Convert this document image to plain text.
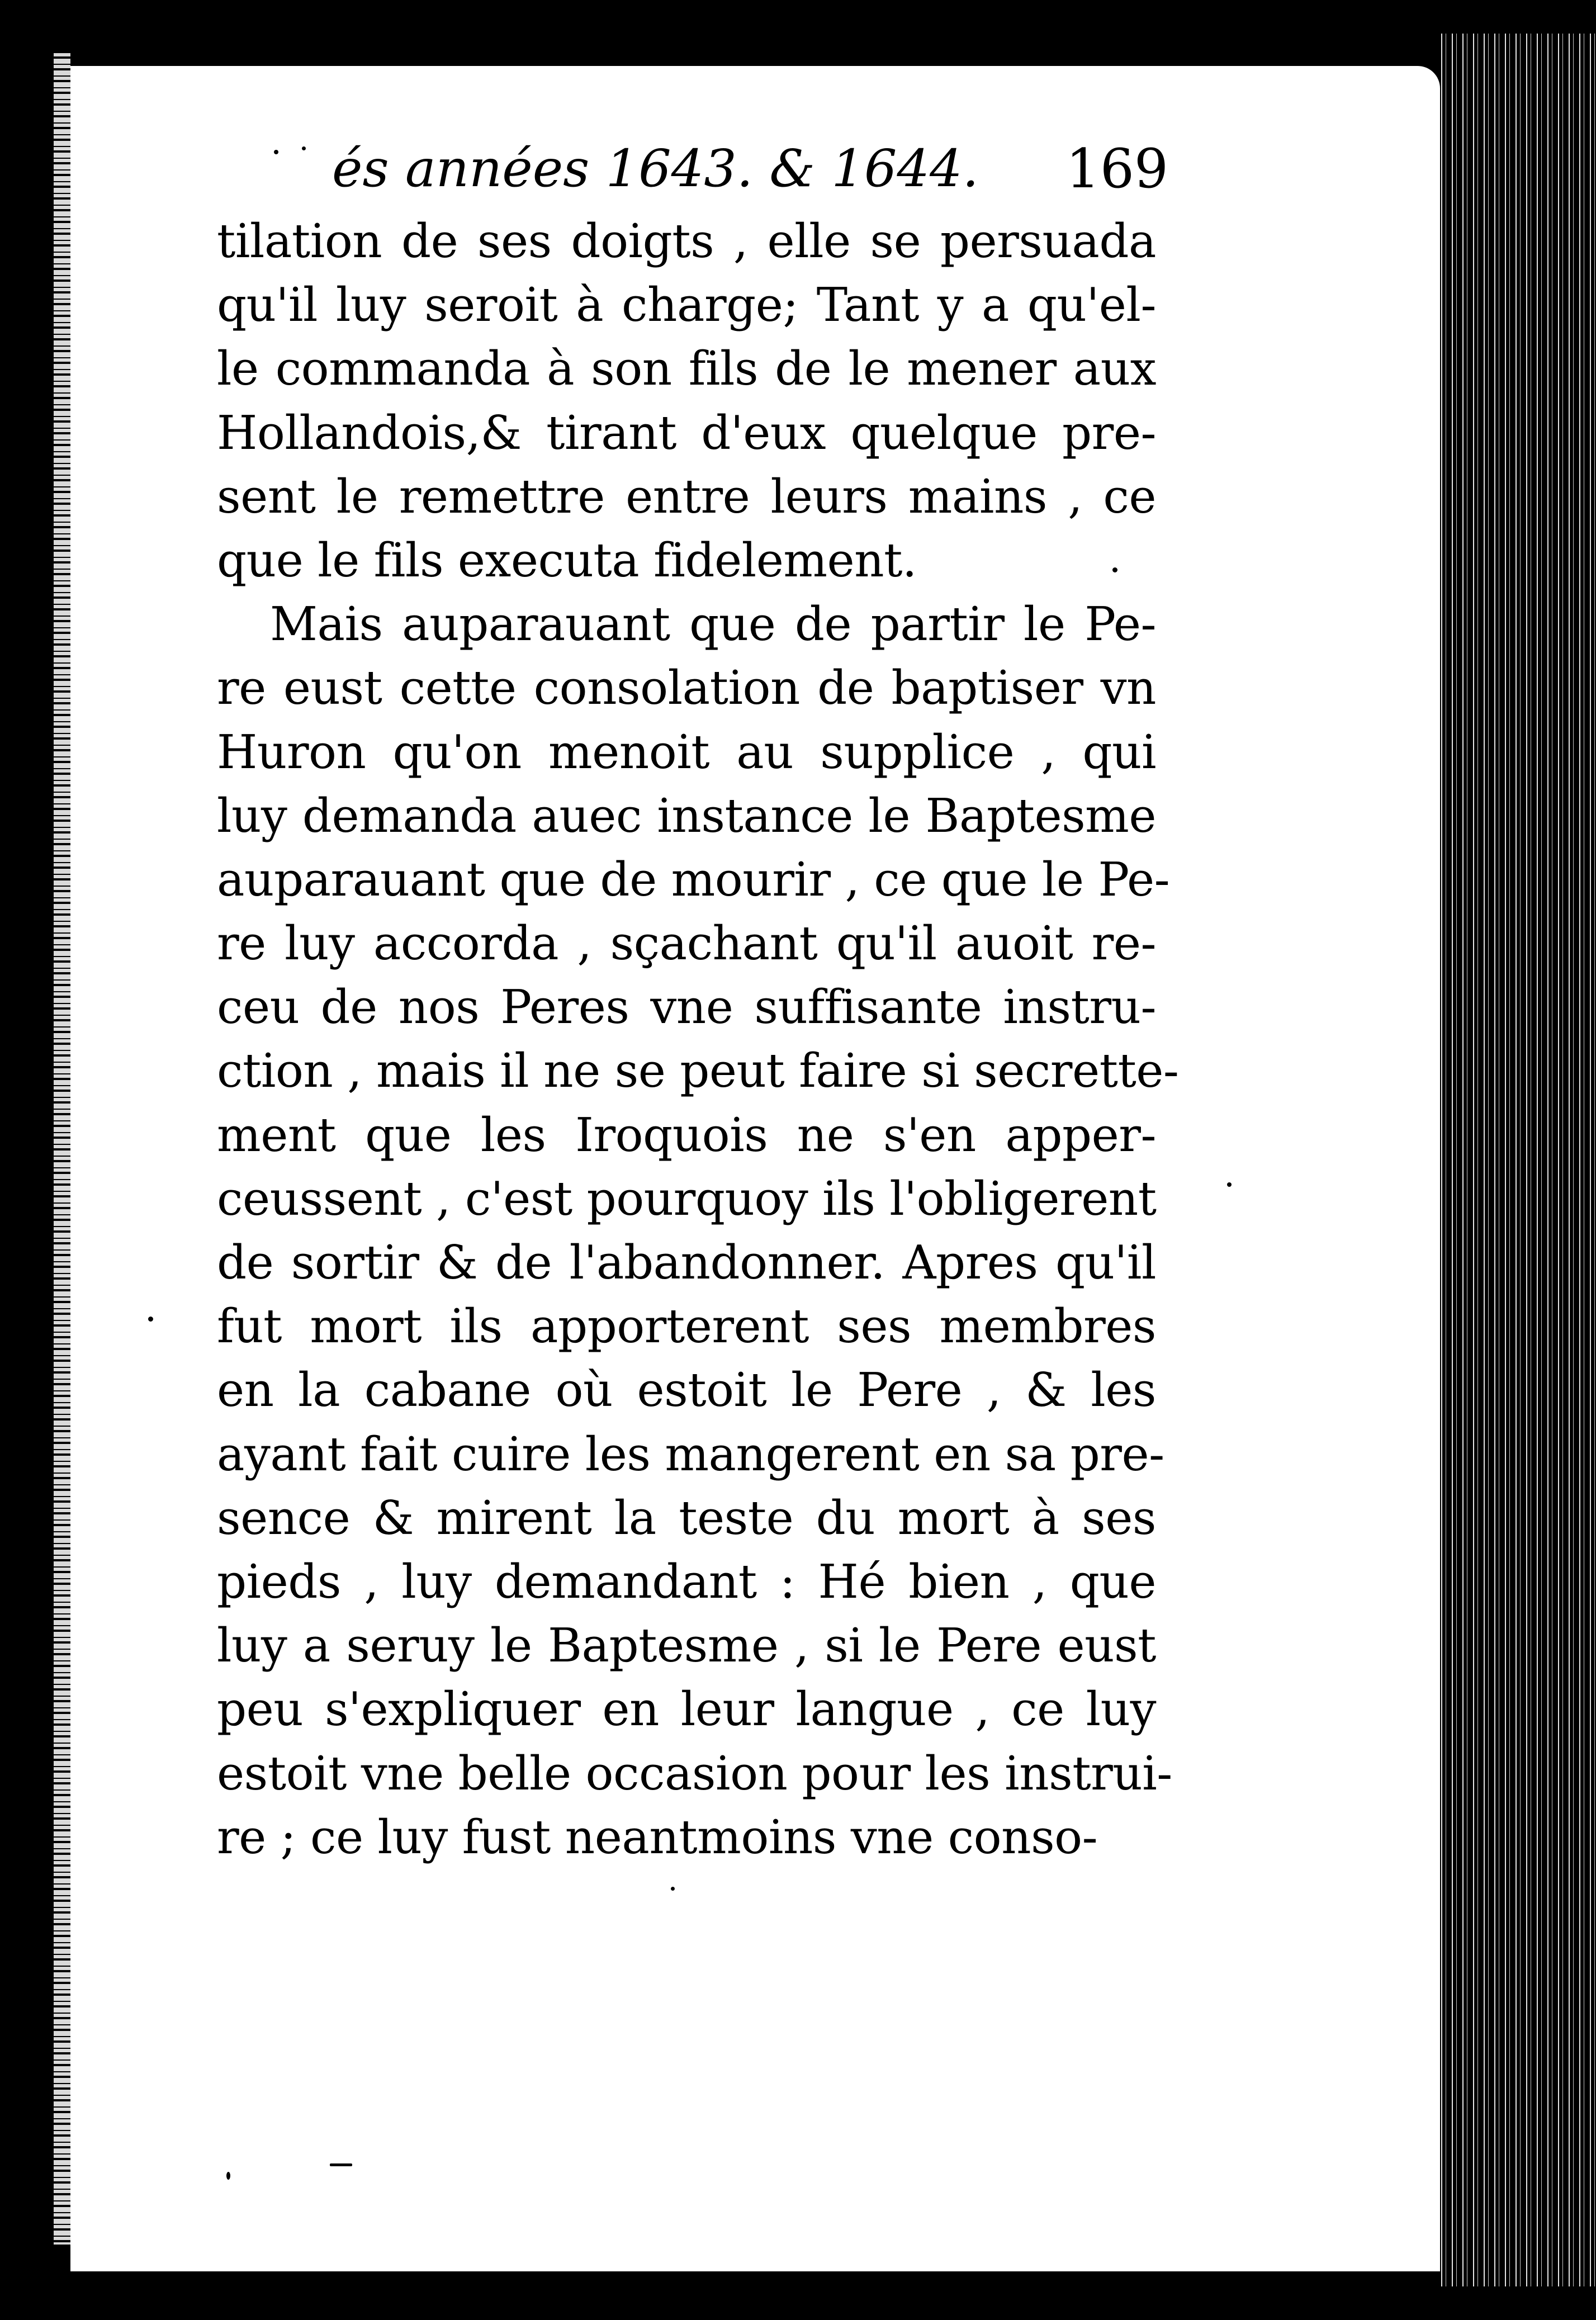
és années 1643. & 1644.	169
tilation de ses doigts , elle se persuada
qu'il luy seroit à charge; Tant y a qu'el-
le commanda à son fils de le mener aux
Hollandois,& tirant d'eux quelque pre-
sent le remettre entre leurs mains , ce
que le fils executa fidelement.
Mais auparauant que de partir le Pe-
re eust cette consolation de baptiser vn
Huron qu'on menoit au supplice , qui
luy demanda auec instance le Baptesme
auparauant que de mourir , ce que le Pe-
re luy accorda , sçachant qu'il auoit re-
ceu de nos Peres vne suffisante instru-
ction , mais il ne se peut faire si secrette-
ment que les Iroquois ne s'en apper-
ceussent , c'est pourquoy ils l'obligerent
de sortir & de l'abandonner. Apres qu'il
fut mort ils apporterent ses membres
en la cabane où estoit le Pere , & les
ayant fait cuire les mangerent en sa pre-
sence & mirent la teste du mort à ses
pieds , luy demandant : Hé bien , que
luy a seruy le Baptesme , si le Pere eust
peu s'expliquer en leur langue , ce luy
estoit vne belle occasion pour les instrui-
re ; ce luy fust neantmoins vne conso-
